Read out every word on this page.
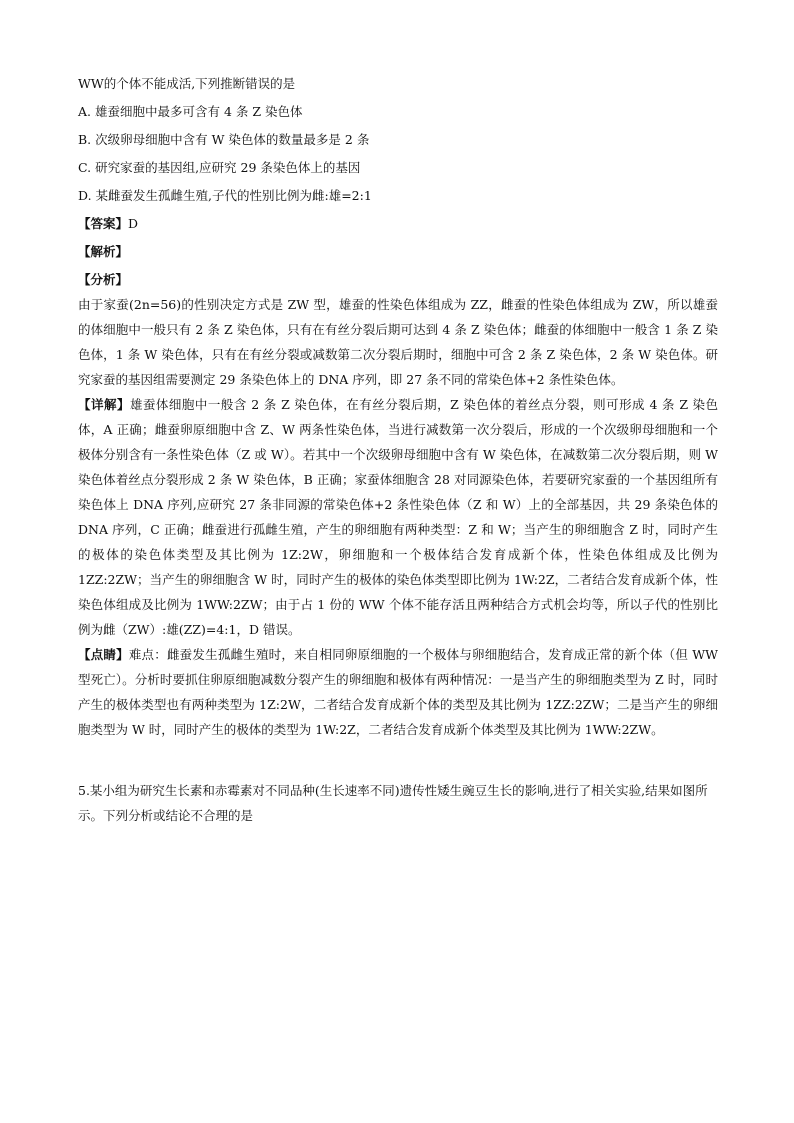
WW的个体不能成活,下列推断错误的是
A. 雄蚕细胞中最多可含有 4 条 Z 染色体
B. 次级卵母细胞中含有 W 染色体的数量最多是 2 条
C. 研究家蚕的基因组,应研究 29 条染色体上的基因
D. 某雌蚕发生孤雌生殖,子代的性别比例为雌:雄=2:1
【答案】D
【解析】
【分析】

由于家蚕(2n=56)的性别决定方式是 ZW 型，雄蚕的性染色体组成为 ZZ，雌蚕的性染色体组成为 ZW，所以雄蚕的体细胞中一般只有 2 条 Z 染色体，只有在有丝分裂后期可达到 4 条 Z 染色体；雌蚕的体细胞中一般含 1 条 Z 染色体，1 条 W 染色体，只有在有丝分裂或减数第二次分裂后期时，细胞中可含 2 条 Z 染色体，2 条 W 染色体。研究家蚕的基因组需要测定 29 条染色体上的 DNA 序列，即 27 条不同的常染色体+2 条性染色体。

【详解】雄蚕体细胞中一般含 2 条 Z 染色体，在有丝分裂后期，Z 染色体的着丝点分裂，则可形成 4 条 Z 染色体，A 正确；雌蚕卵原细胞中含 Z、W 两条性染色体，当进行减数第一次分裂后，形成的一个次级卵母细胞和一个极体分别含有一条性染色体（Z 或 W）。若其中一个次级卵母细胞中含有 W 染色体，在减数第二次分裂后期，则 W 染色体着丝点分裂形成 2 条 W 染色体，B 正确；家蚕体细胞含 28 对同源染色体，若要研究家蚕的一个基因组所有染色体上 DNA 序列,应研究 27 条非同源的常染色体+2 条性染色体（Z 和 W）上的全部基因，共 29 条染色体的 DNA 序列，C 正确；雌蚕进行孤雌生殖，产生的卵细胞有两种类型：Z 和 W；当产生的卵细胞含 Z 时，同时产生的极体的染色体类型及其比例为 1Z:2W，卵细胞和一个极体结合发育成新个体，性染色体组成及比例为 1ZZ:2ZW；当产生的卵细胞含 W 时，同时产生的极体的染色体类型即比例为 1W:2Z，二者结合发育成新个体，性染色体组成及比例为 1WW:2ZW；由于占 1 份的 WW 个体不能存活且两种结合方式机会均等，所以子代的性别比例为雌（ZW）:雄(ZZ)=4:1，D 错误。

【点睛】难点：雌蚕发生孤雌生殖时，来自相同卵原细胞的一个极体与卵细胞结合，发育成正常的新个体（但 WW 型死亡）。分析时要抓住卵原细胞减数分裂产生的卵细胞和极体有两种情况：一是当产生的卵细胞类型为 Z 时，同时产生的极体类型也有两种类型为 1Z:2W，二者结合发育成新个体的类型及其比例为 1ZZ:2ZW；二是当产生的卵细胞类型为 W 时，同时产生的极体的类型为 1W:2Z，二者结合发育成新个体类型及其比例为 1WW:2ZW。

5.某小组为研究生长素和赤霉素对不同品种(生长速率不同)遗传性矮生豌豆生长的影响,进行了相关实验,结果如图所示。下列分析或结论不合理的是
